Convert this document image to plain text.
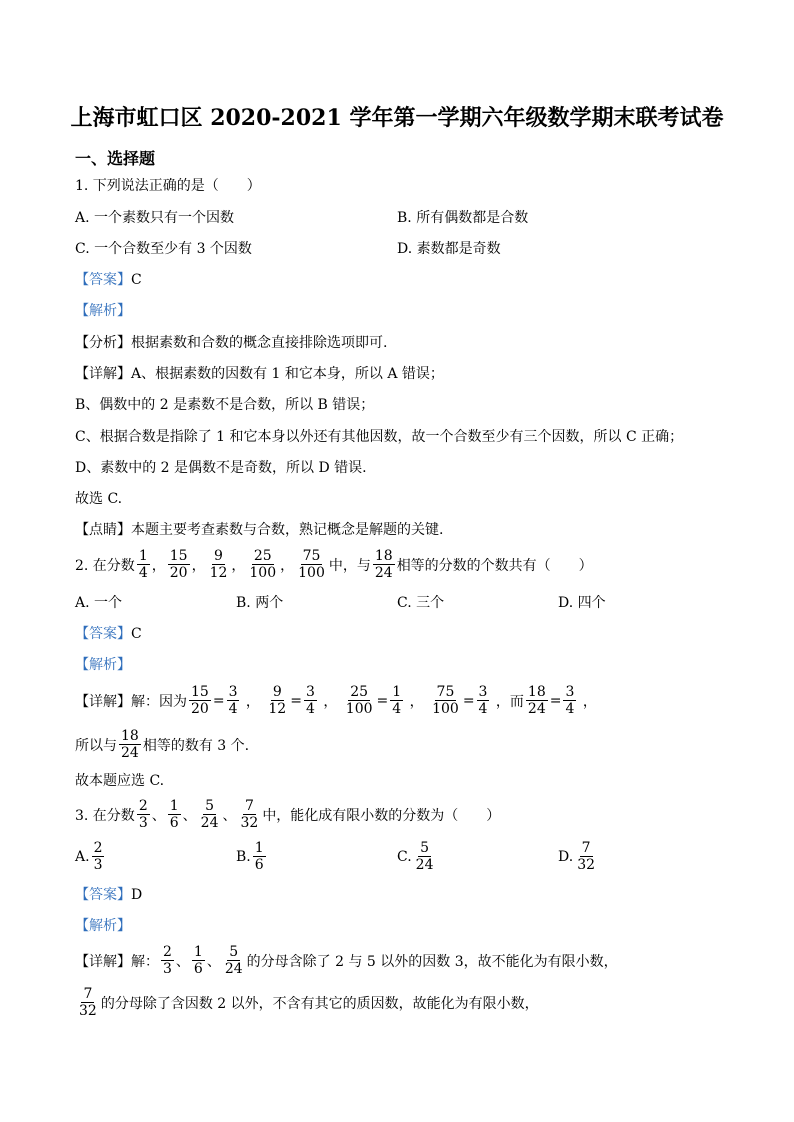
上海市虹口区 2020-2021 学年第一学期六年级数学期末联考试卷
一、选择题
1. 下列说法正确的是（　　）
A. 一个素数只有一个因数	B. 所有偶数都是合数
C. 一个合数至少有 3 个因数	D. 素数都是奇数
【答案】C
【解析】
【分析】根据素数和合数的概念直接排除选项即可.
【详解】A、根据素数的因数有 1 和它本身，所以 A 错误；
B、偶数中的 2 是素数不是合数，所以 B 错误；
C、根据合数是指除了 1 和它本身以外还有其他因数，故一个合数至少有三个因数，所以 C 正确；
D、素数中的 2 是偶数不是奇数，所以 D 错误.
故选 C.
【点睛】本题主要考查素数与合数，熟记概念是解题的关键.
2. 在分数 $\frac{1}{4}$ ， $\frac{15}{20}$ ， $\frac{9}{12}$ ， $\frac{25}{100}$ ， $\frac{75}{100}$ 中，与 $\frac{18}{24}$ 相等的分数的个数共有（　　）
A. 一个	B. 两个	C. 三个	D. 四个
【答案】C
【解析】
【详解】解：因为 $\frac{15}{20} = \frac{3}{4}$ ， $\frac{9}{12} = \frac{3}{4}$ ， $\frac{25}{100} = \frac{1}{4}$ ， $\frac{75}{100} = \frac{3}{4}$ ， 而 $\frac{18}{24} = \frac{3}{4}$ ，
所以与 $\frac{18}{24}$ 相等的数有 3 个.
故本题应选 C.
3. 在分数 $\frac{2}{3}$ 、 $\frac{1}{6}$ 、 $\frac{5}{24}$ 、 $\frac{7}{32}$ 中，能化成有限小数的分数为（　　）
A. $\frac{2}{3}$	B. $\frac{1}{6}$	C. $\frac{5}{24}$	D. $\frac{7}{32}$
【答案】D
【解析】
【详解】解： $\frac{2}{3}$ 、 $\frac{1}{6}$ 、 $\frac{5}{24}$ 的分母含除了 2 与 5 以外的因数 3，故不能化为有限小数，
$\frac{7}{32}$ 的分母除了含因数 2 以外，不含有其它的质因数，故能化为有限小数，
